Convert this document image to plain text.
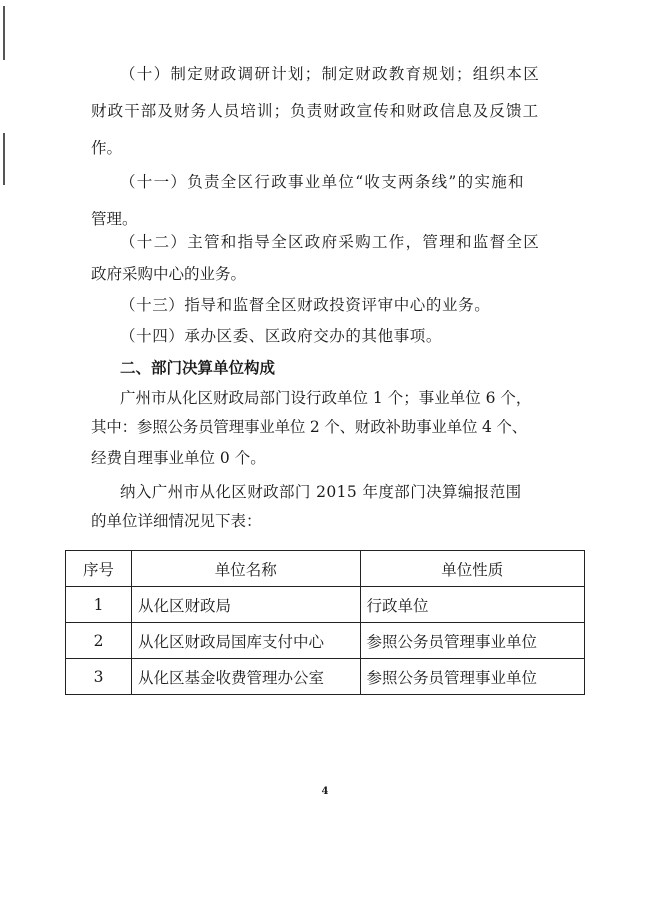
（十）制定财政调研计划；制定财政教育规划；组织本区

财政干部及财务人员培训；负责财政宣传和财政信息及反馈工

作。

（十一）负责全区行政事业单位“收支两条线”的实施和

管理。

（十二）主管和指导全区政府采购工作，管理和监督全区

政府采购中心的业务。

（十三）指导和监督全区财政投资评审中心的业务。

（十四）承办区委、区政府交办的其他事项。

二、部门决算单位构成

广州市从化区财政局部门设行政单位 1 个；事业单位 6 个，

其中：参照公务员管理事业单位 2 个、财政补助事业单位 4 个、

经费自理事业单位 0 个。

纳入广州市从化区财政部门 2015 年度部门决算编报范围

的单位详细情况见下表：

序号	单位名称	单位性质
1	从化区财政局	行政单位
2	从化区财政局国库支付中心	参照公务员管理事业单位
3	从化区基金收费管理办公室	参照公务员管理事业单位
4
